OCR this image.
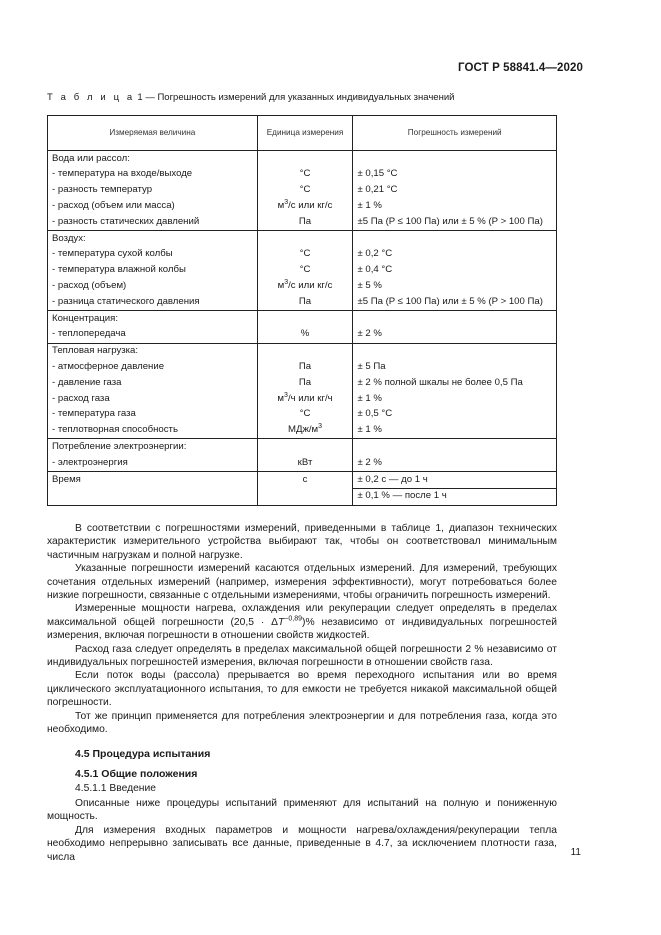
ГОСТ Р 58841.4—2020
Т а б л и ц а 1 — Погрешность измерений для указанных индивидуальных значений
Измеряемая величина	Единица измерения	Погрешность измерений
Вода или рассол:		
- температура на входе/выходе	°C	± 0,15 °C
- разность температур	°C	± 0,21 °C
- расход (объем или масса)	$м^3/с$ или кг/с	± 1 %
- разность статических давлений	Па	±5 Па (P ≤ 100 Па) или ± 5 % (P > 100 Па)
Воздух:		
- температура сухой колбы	°C	± 0,2 °C
- температура влажной колбы	°C	± 0,4 °C
- расход (объем)	$м^3/с$ или кг/с	± 5 %
- разница статического давления	Па	±5 Па (P ≤ 100 Па) или ± 5 % (P > 100 Па)
Концентрация:		
- теплопередача	%	± 2 %
Тепловая нагрузка:		
- атмосферное давление	Па	± 5 Па
- давление газа	Па	± 2 % полной шкалы не более 0,5 Па
- расход газа	$м^3/ч$ или кг/ч	± 1 %
- температура газа	°C	± 0,5 °C
- теплотворная способность	МДж/$м^3$	± 1 %
Потребление электроэнергии:		
- электроэнергия	кВт	± 2 %
Время	с	± 0,2 с — до 1 ч
		± 0,1 % — после 1 ч

В соответствии с погрешностями измерений, приведенными в таблице 1, диапазон технических характеристик измерительного устройства выбирают так, чтобы он соответствовал минимальным частичным нагрузкам и полной нагрузке.

Указанные погрешности измерений касаются отдельных измерений. Для измерений, требующих сочетания отдельных измерений (например, измерения эффективности), могут потребоваться более низкие погрешности, связанные с отдельными измерениями, чтобы ограничить погрешность измерений.

Измеренные мощности нагрева, охлаждения или рекуперации следует определять в пределах максимальной общей погрешности $(20,5 \cdot \Delta T^{-0,89})\%$ независимо от индивидуальных погрешностей измерения, включая погрешности в отношении свойств жидкостей.

Расход газа следует определять в пределах максимальной общей погрешности 2 % независимо от индивидуальных погрешностей измерения, включая погрешности в отношении свойств газа.

Если поток воды (рассола) прерывается во время переходного испытания или во время циклического эксплуатационного испытания, то для емкости не требуется никакой максимальной общей погрешности.

Тот же принцип применяется для потребления электроэнергии и для потребления газа, когда это необходимо.

4.5 Процедура испытания
4.5.1 Общие положения
4.5.1.1 Введение

Описанные ниже процедуры испытаний применяют для испытаний на полную и пониженную мощность.

Для измерения входных параметров и мощности нагрева/охлаждения/рекуперации тепла необходимо непрерывно записывать все данные, приведенные в 4.7, за исключением плотности газа, числа	11
